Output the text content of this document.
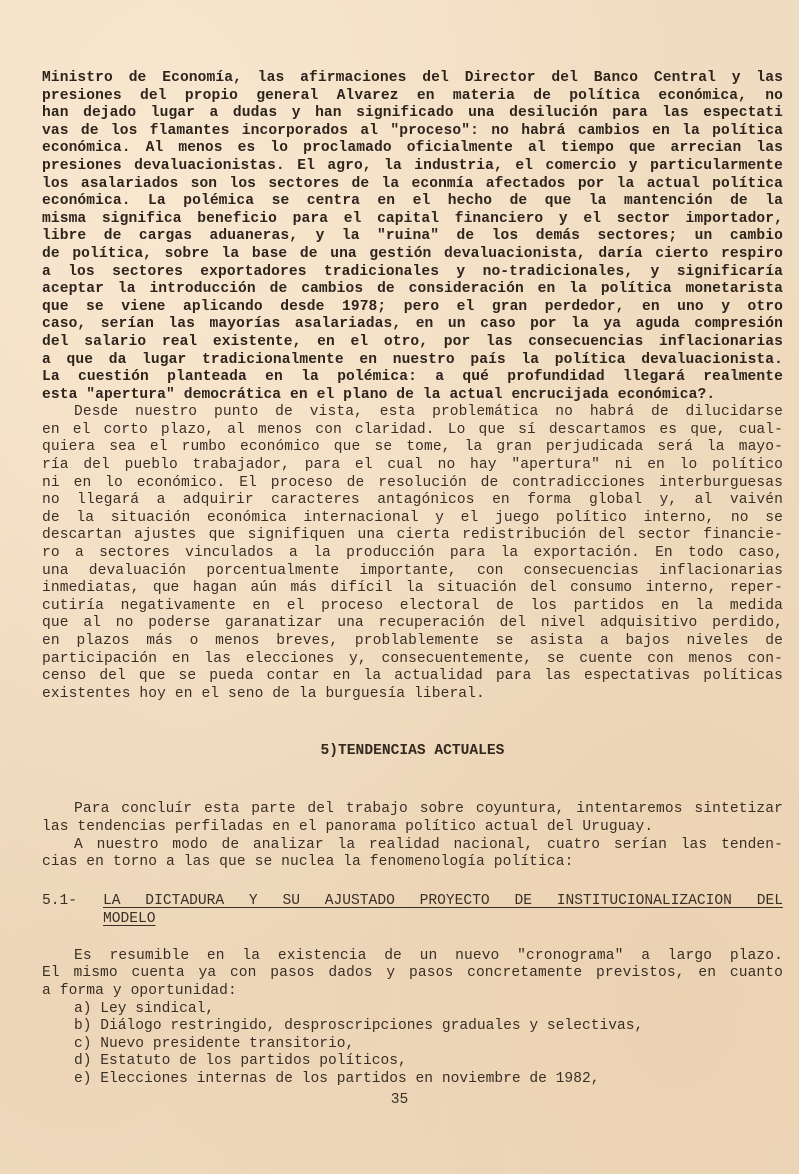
Ministro de Economía, las afirmaciones del Director del Banco Central y las
presiones del propio general Alvarez en materia de política económica, no
han dejado lugar a dudas y han significado una desilución para las espectati
vas de los flamantes incorporados al "proceso": no habrá cambios en la política
económica. Al menos es lo proclamado oficialmente al tiempo que arrecian las
presiones devaluacionistas. El agro, la industria, el comercio y particularmente
los asalariados son los sectores de la econmía afectados por la actual política
económica. La polémica se centra en el hecho de que la mantención de la
misma significa beneficio para el capital financiero y el sector importador,
libre de cargas aduaneras, y la "ruina" de los demás sectores; un cambio
de política, sobre la base de una gestión devaluacionista, daría cierto respiro
a los sectores exportadores tradicionales y no-tradicionales, y significaría
aceptar la introducción de cambios de consideración en la política monetarista
que se viene aplicando desde 1978; pero el gran perdedor, en uno y otro
caso, serían las mayorías asalariadas, en un caso por la ya aguda compresión
del salario real existente, en el otro, por las consecuencias inflacionarias
a que da lugar tradicionalmente en nuestro país la política devaluacionista.
La cuestión planteada en la polémica: a qué profundidad llegará realmente
esta "apertura" democrática en el plano de la actual encrucijada económica?.
Desde nuestro punto de vista, esta problemática no habrá de dilucidarse
en el corto plazo, al menos con claridad. Lo que sí descartamos es que, cual-
quiera sea el rumbo económico que se tome, la gran perjudicada será la mayo-
ría del pueblo trabajador, para el cual no hay "apertura" ni en lo político
ni en lo económico. El proceso de resolución de contradicciones interburguesas
no llegará a adquirir caracteres antagónicos en forma global y, al vaivén
de la situación económica internacional y el juego político interno, no se
descartan ajustes que signifiquen una cierta redistribución del sector financie-
ro a sectores vinculados a la producción para la exportación. En todo caso,
una devaluación porcentualmente importante, con consecuencias inflacionarias
inmediatas, que hagan aún más difícil la situación del consumo interno, reper-
cutiría negativamente en el proceso electoral de los partidos en la medida
que al no poderse garanatizar una recuperación del nivel adquisitivo perdido,
en plazos más o menos breves, problablemente se asista a bajos niveles de
participación en las elecciones y, consecuentemente, se cuente con menos con-
censo del que se pueda contar en la actualidad para las espectativas políticas
existentes hoy en el seno de la burguesía liberal.
5)TENDENCIAS ACTUALES
Para concluír esta parte del trabajo sobre coyuntura, intentaremos sintetizar
las tendencias perfiladas en el panorama político actual del Uruguay.
A nuestro modo de analizar la realidad nacional, cuatro serían las tenden-
cias en torno a las que se nuclea la fenomenología política:
5.1-	LA DICTADURA Y SU AJUSTADO PROYECTO DE INSTITUCIONALIZACION DEL
MODELO
Es resumible en la existencia de un nuevo "cronograma" a largo plazo.
El mismo cuenta ya con pasos dados y pasos concretamente previstos, en cuanto
a forma y oportunidad:
a) Ley sindical,
b) Diálogo restringido, desproscripciones graduales y selectivas,
c) Nuevo presidente transitorio,
d) Estatuto de los partidos políticos,
e) Elecciones internas de los partidos en noviembre de 1982,
35
